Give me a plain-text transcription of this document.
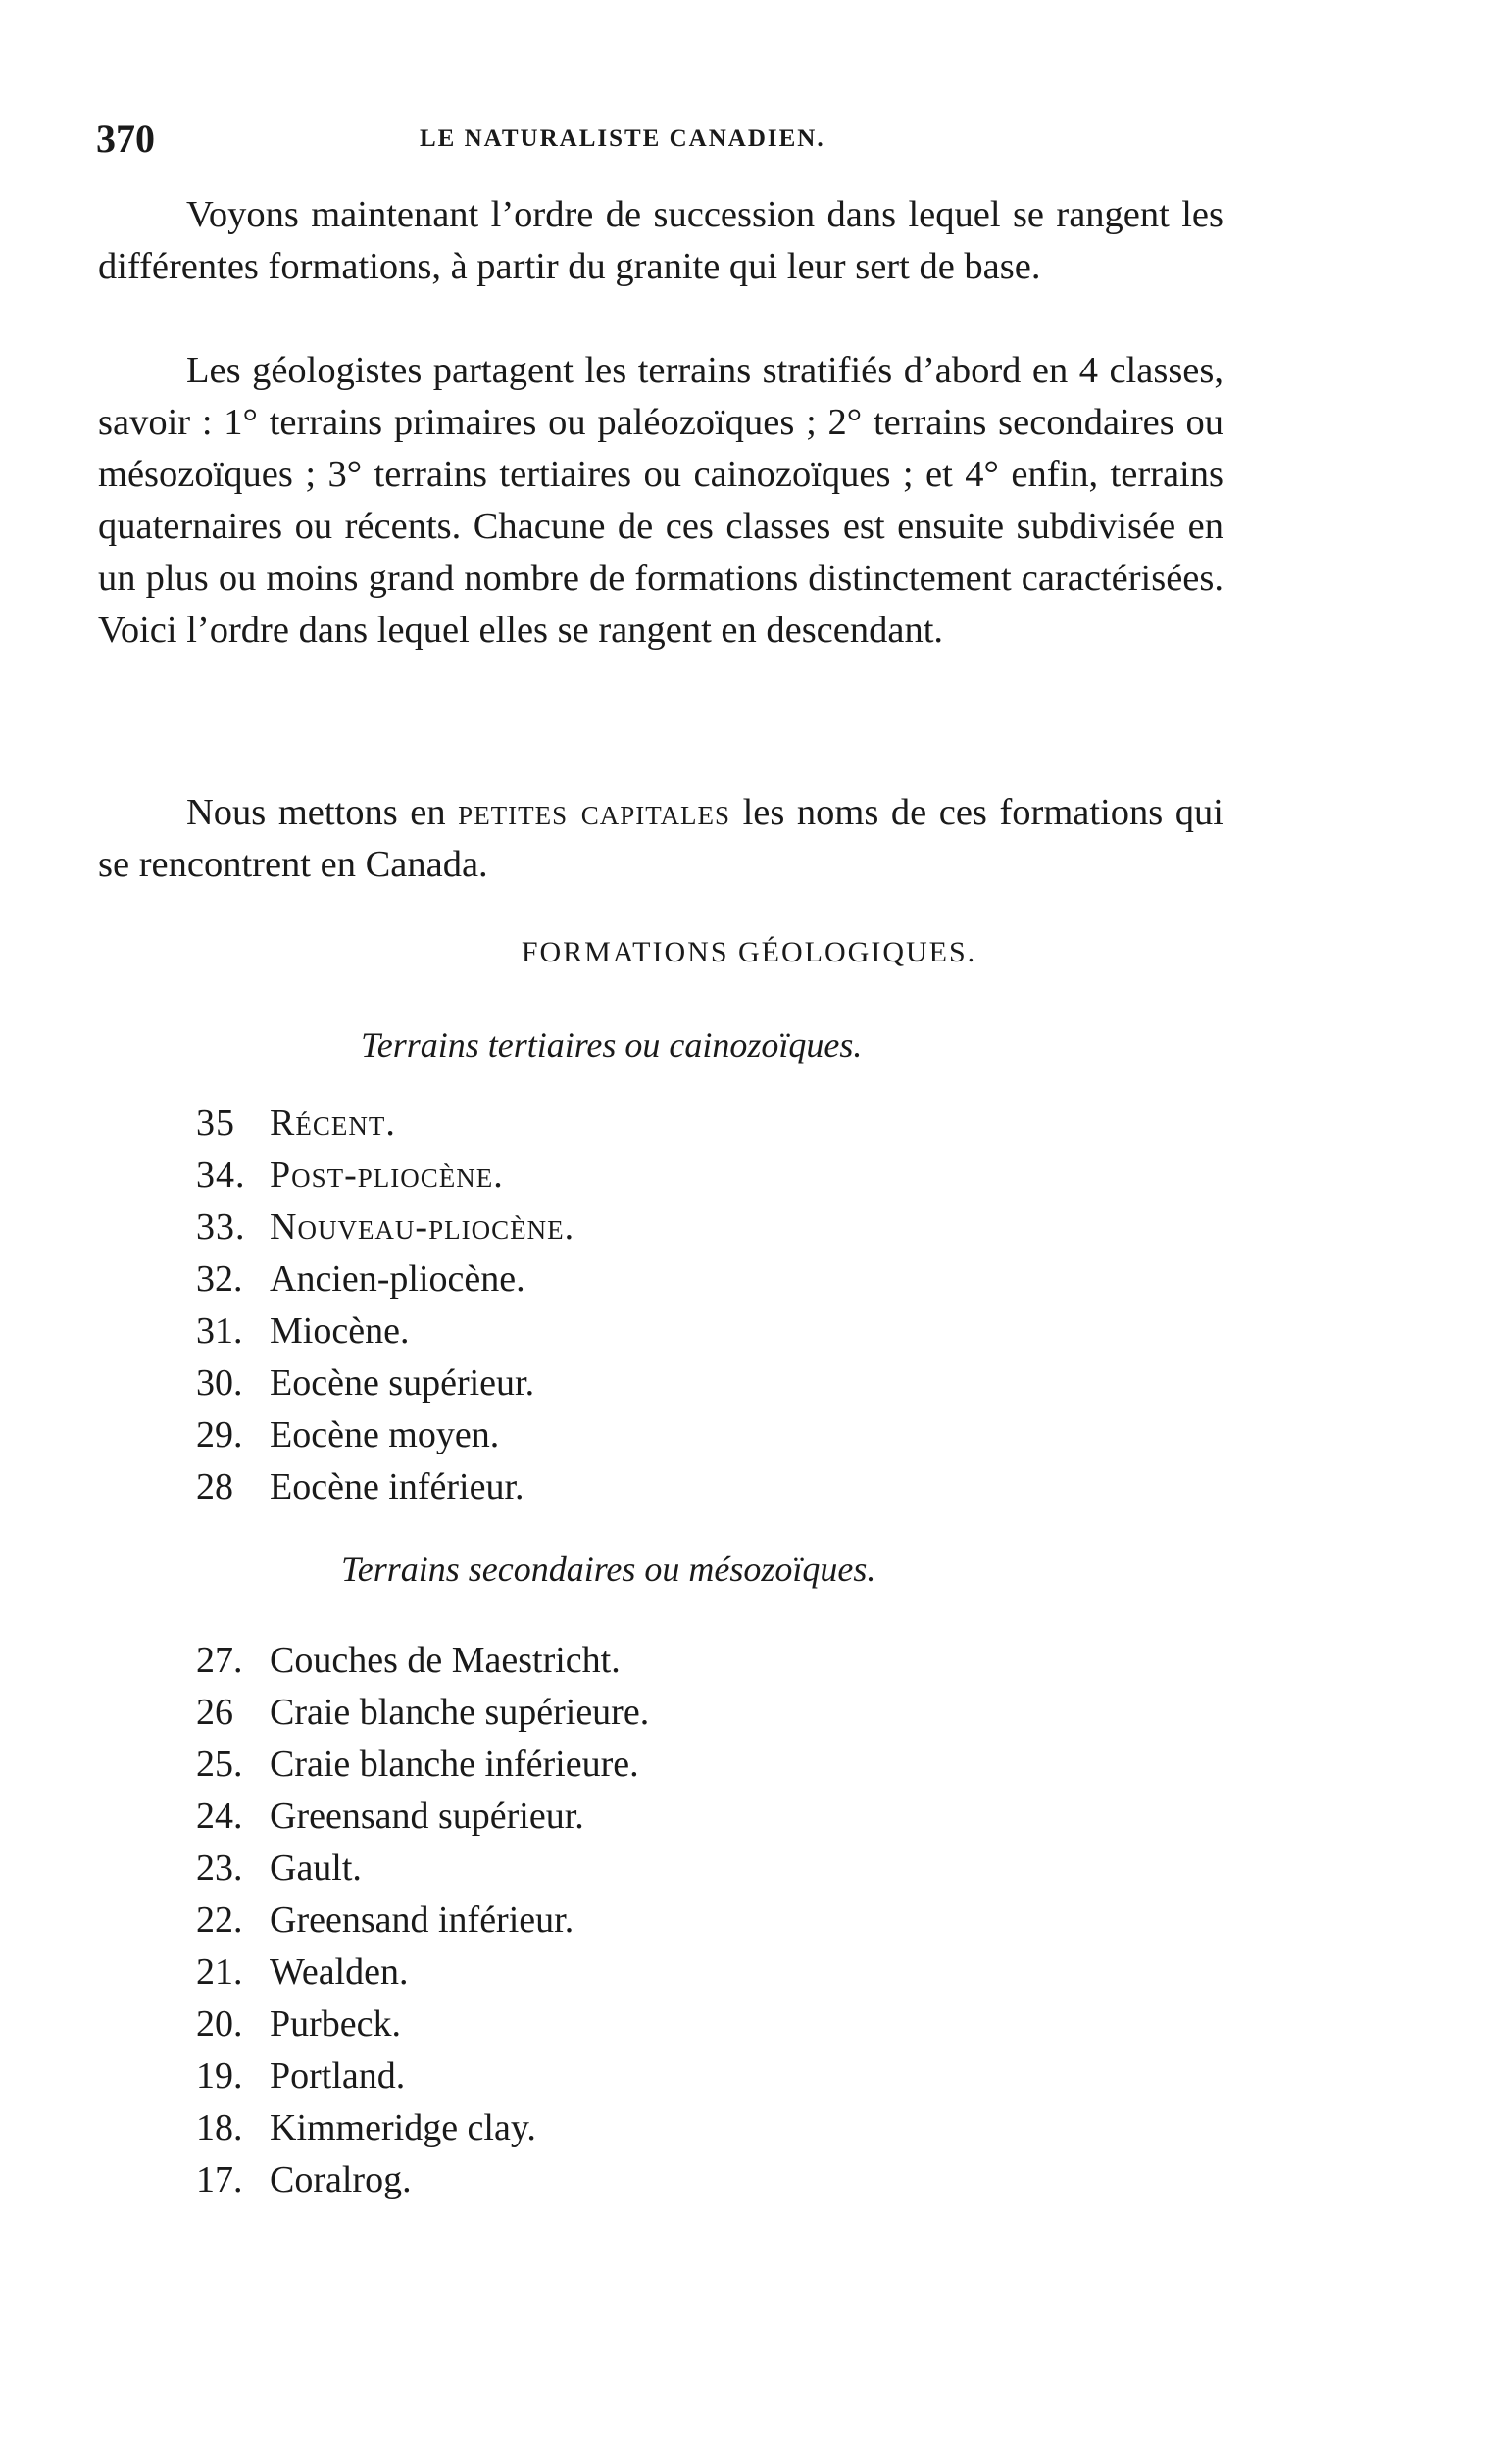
370	LE NATURALISTE CANADIEN.

Voyons maintenant l’ordre de succession dans lequel se rangent les différentes formations, à partir du granite qui leur sert de base.

Les géologistes partagent les terrains stratifiés d’abord en 4 classes, savoir : 1° terrains primaires ou paléozoïques ; 2° terrains secondaires ou mésozoïques ; 3° terrains tertiaires ou cainozoïques ; et 4° enfin, terrains quaternaires ou récents. Chacune de ces classes est ensuite subdivisée en un plus ou moins grand nombre de formations distinctement caractérisées. Voici l’ordre dans lequel elles se rangent en descendant.

Nous mettons en petites capitales les noms de ces formations qui se rencontrent en Canada.

FORMATIONS GÉOLOGIQUES.
Terrains tertiaires ou cainozoïques.
35 Récent.
34. Post-pliocène.
33. Nouveau-pliocène.
32. Ancien-pliocène.
31. Miocène.
30. Eocène supérieur.
29. Eocène moyen.
28 Eocène inférieur.
Terrains secondaires ou mésozoïques.
27. Couches de Maestricht.
26 Craie blanche supérieure.
25. Craie blanche inférieure.
24. Greensand supérieur.
23. Gault.
22. Greensand inférieur.
21. Wealden.
20. Purbeck.
19. Portland.
18. Kimmeridge clay.
17. Coralrog.
